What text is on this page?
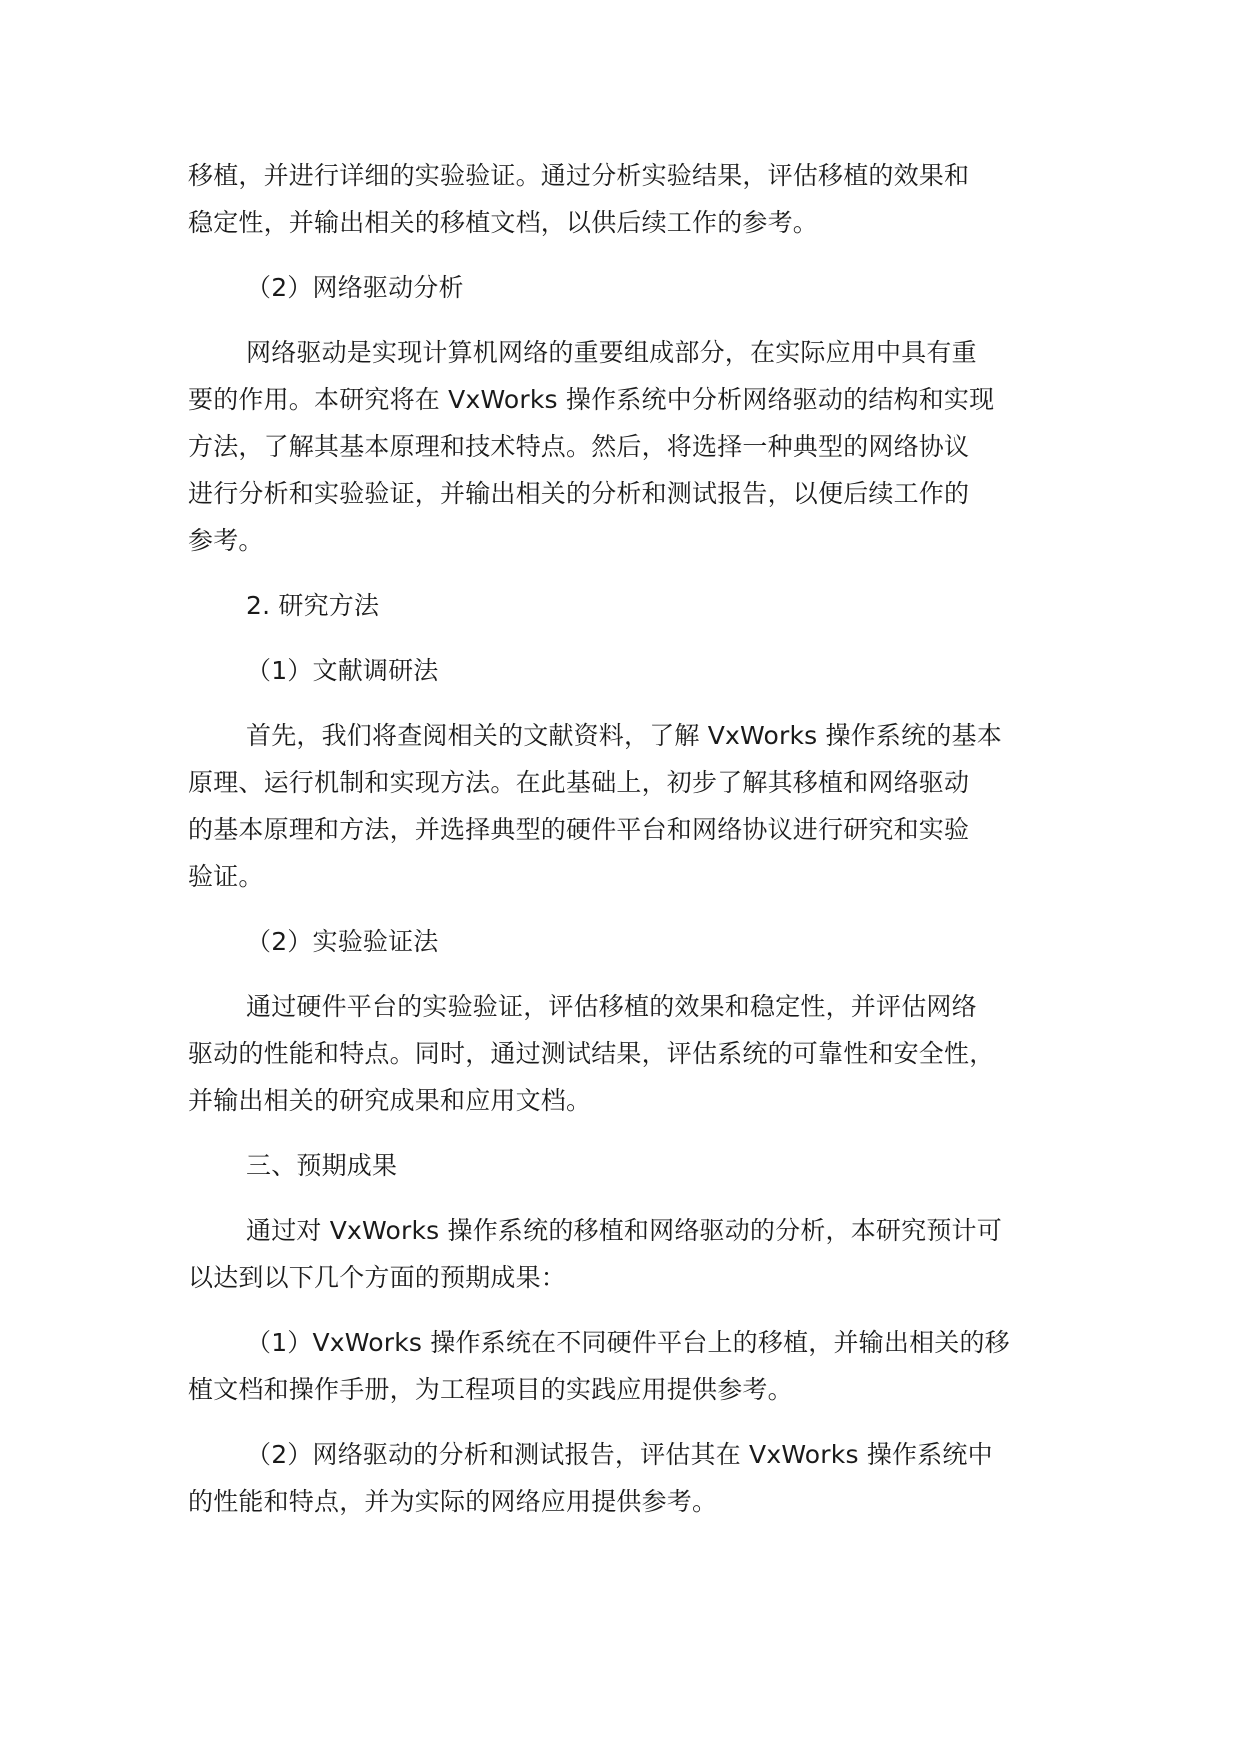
移植，并进行详细的实验验证。通过分析实验结果，评估移植的效果和
稳定性，并输出相关的移植文档，以供后续工作的参考。
（2）网络驱动分析
网络驱动是实现计算机网络的重要组成部分，在实际应用中具有重
要的作用。本研究将在 VxWorks 操作系统中分析网络驱动的结构和实现
方法，了解其基本原理和技术特点。然后，将选择一种典型的网络协议
进行分析和实验验证，并输出相关的分析和测试报告，以便后续工作的
参考。
2. 研究方法
（1）文献调研法
首先，我们将查阅相关的文献资料，了解 VxWorks 操作系统的基本
原理、运行机制和实现方法。在此基础上，初步了解其移植和网络驱动
的基本原理和方法，并选择典型的硬件平台和网络协议进行研究和实验
验证。
（2）实验验证法
通过硬件平台的实验验证，评估移植的效果和稳定性，并评估网络
驱动的性能和特点。同时，通过测试结果，评估系统的可靠性和安全性，
并输出相关的研究成果和应用文档。
三、预期成果
通过对 VxWorks 操作系统的移植和网络驱动的分析，本研究预计可
以达到以下几个方面的预期成果：
（1）VxWorks 操作系统在不同硬件平台上的移植，并输出相关的移
植文档和操作手册，为工程项目的实践应用提供参考。
（2）网络驱动的分析和测试报告，评估其在 VxWorks 操作系统中
的性能和特点，并为实际的网络应用提供参考。
